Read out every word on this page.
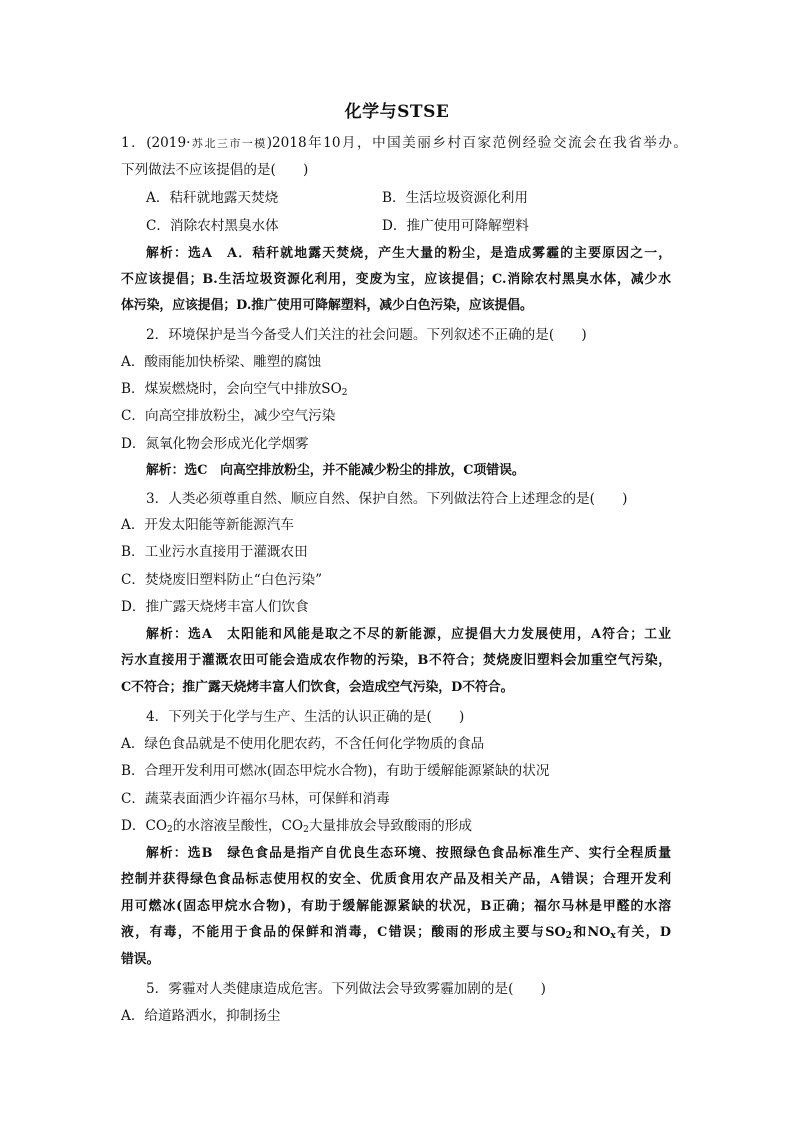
化学与STSE
1．(2019·苏北三市一模)2018年10月，中国美丽乡村百家范例经验交流会在我省举办。
下列做法不应该提倡的是(　　)
A．秸秆就地露天焚烧	B．生活垃圾资源化利用
C．消除农村黑臭水体	D．推广使用可降解塑料
解析：选A　A．秸秆就地露天焚烧，产生大量的粉尘，是造成雾霾的主要原因之一，
不应该提倡；B.生活垃圾资源化利用，变废为宝，应该提倡；C.消除农村黑臭水体，减少水
体污染，应该提倡；D.推广使用可降解塑料，减少白色污染，应该提倡。
2．环境保护是当今备受人们关注的社会问题。下列叙述不正确的是(　　)
A．酸雨能加快桥梁、雕塑的腐蚀
B．煤炭燃烧时，会向空气中排放$SO_2$
C．向高空排放粉尘，减少空气污染
D．氮氧化物会形成光化学烟雾
解析：选C　向高空排放粉尘，并不能减少粉尘的排放，C项错误。
3．人类必须尊重自然、顺应自然、保护自然。下列做法符合上述理念的是(　　)
A．开发太阳能等新能源汽车
B．工业污水直接用于灌溉农田
C．焚烧废旧塑料防止“白色污染”
D．推广露天烧烤丰富人们饮食
解析：选A　太阳能和风能是取之不尽的新能源，应提倡大力发展使用，A符合；工业
污水直接用于灌溉农田可能会造成农作物的污染，B不符合；焚烧废旧塑料会加重空气污染，
C不符合；推广露天烧烤丰富人们饮食，会造成空气污染，D不符合。
4．下列关于化学与生产、生活的认识正确的是(　　)
A．绿色食品就是不使用化肥农药，不含任何化学物质的食品
B．合理开发利用可燃冰(固态甲烷水合物)，有助于缓解能源紧缺的状况
C．蔬菜表面洒少许福尔马林，可保鲜和消毒
D．$CO_2$的水溶液呈酸性，$CO_2$大量排放会导致酸雨的形成
解析：选B　绿色食品是指产自优良生态环境、按照绿色食品标准生产、实行全程质量
控制并获得绿色食品标志使用权的安全、优质食用农产品及相关产品，A错误；合理开发利
用可燃冰(固态甲烷水合物)，有助于缓解能源紧缺的状况，B正确；福尔马林是甲醛的水溶
液，有毒，不能用于食品的保鲜和消毒，C错误；酸雨的形成主要与$SO_2$和$NO_x$有关，D
错误。
5．雾霾对人类健康造成危害。下列做法会导致雾霾加剧的是(　　)
A．给道路洒水，抑制扬尘
